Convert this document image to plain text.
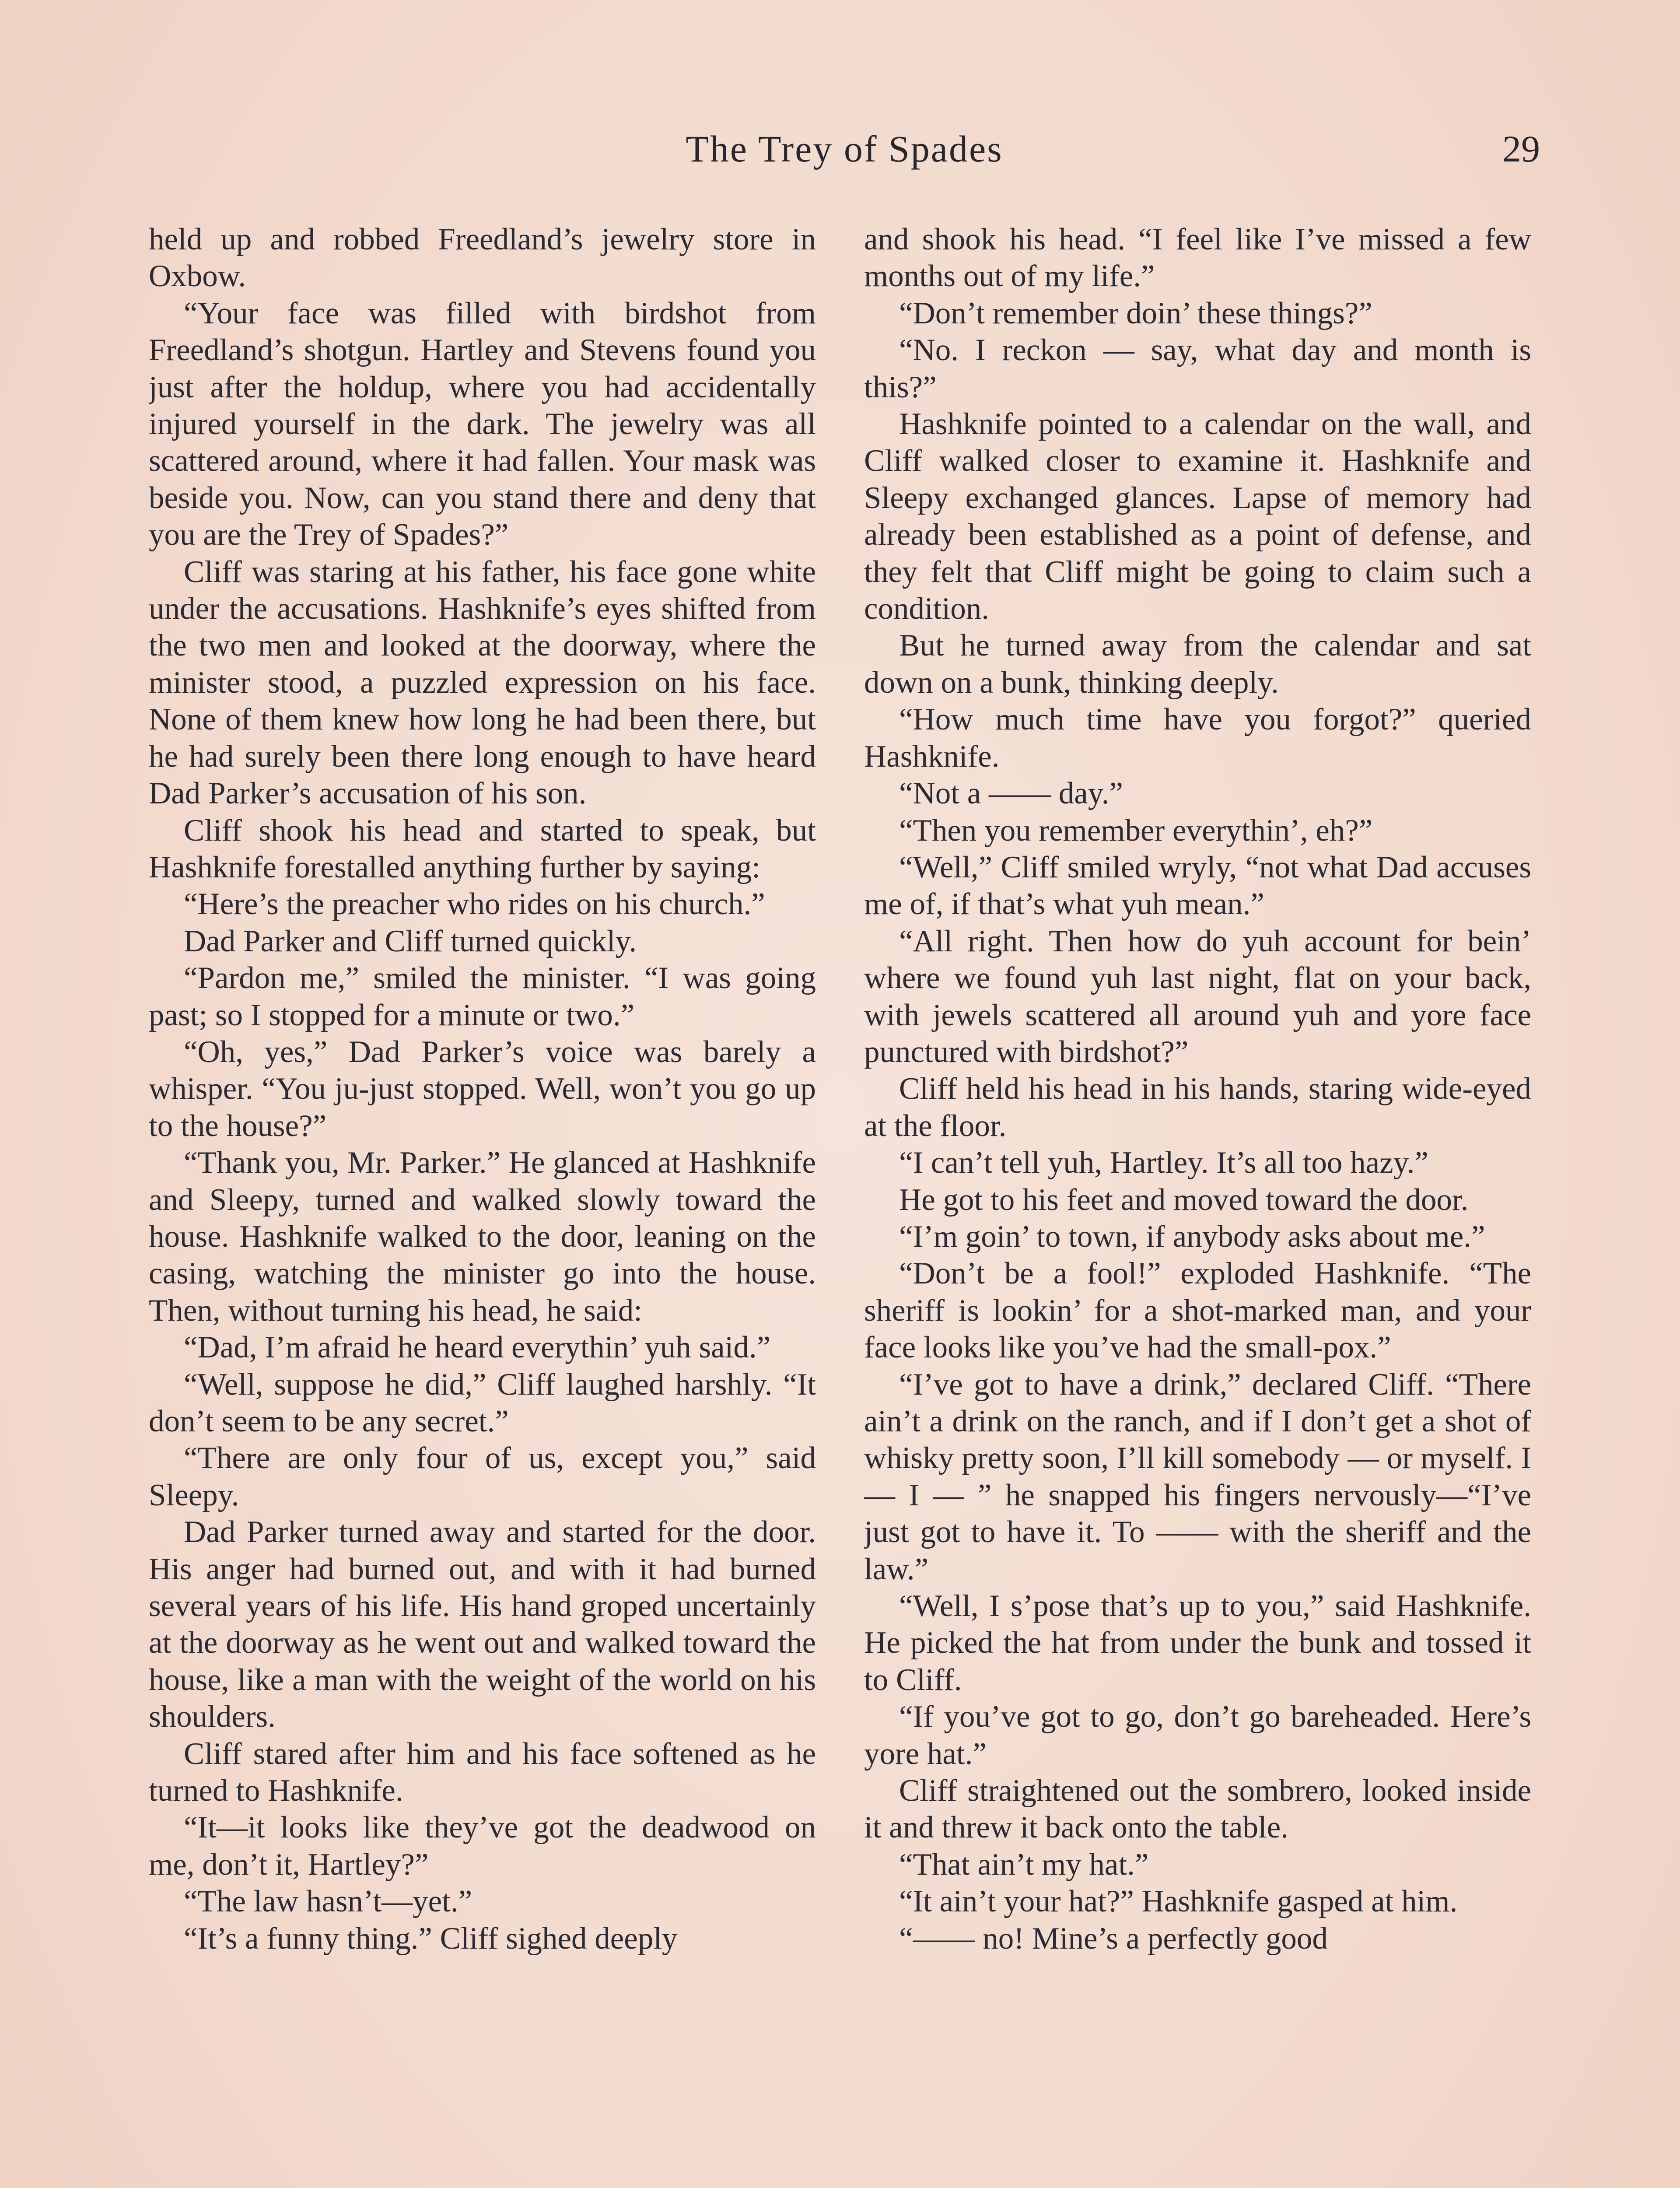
The Trey of Spades	29

held up and robbed Freedland’s jewelry store in Oxbow.

“Your face was filled with birdshot from Freedland’s shotgun. Hartley and Stevens found you just after the holdup, where you had accidentally injured yourself in the dark. The jewelry was all scattered around, where it had fallen. Your mask was beside you. Now, can you stand there and deny that you are the Trey of Spades?”

Cliff was staring at his father, his face gone white under the accusations. Hashknife’s eyes shifted from the two men and looked at the doorway, where the minister stood, a puzzled expression on his face. None of them knew how long he had been there, but he had surely been there long enough to have heard Dad Parker’s accusation of his son.

Cliff shook his head and started to speak, but Hashknife forestalled anything further by saying:

“Here’s the preacher who rides on his church.”

Dad Parker and Cliff turned quickly.

“Pardon me,” smiled the minister. “I was going past; so I stopped for a minute or two.”

“Oh, yes,” Dad Parker’s voice was barely a whisper. “You ju-just stopped. Well, won’t you go up to the house?”

“Thank you, Mr. Parker.” He glanced at Hashknife and Sleepy, turned and walked slowly toward the house. Hashknife walked to the door, leaning on the casing, watching the minister go into the house. Then, without turning his head, he said:

“Dad, I’m afraid he heard everythin’ yuh said.”

“Well, suppose he did,” Cliff laughed harshly. “It don’t seem to be any secret.”

“There are only four of us, except you,” said Sleepy.

Dad Parker turned away and started for the door. His anger had burned out, and with it had burned several years of his life. His hand groped uncertainly at the doorway as he went out and walked toward the house, like a man with the weight of the world on his shoulders.

Cliff stared after him and his face softened as he turned to Hashknife.

“It—it looks like they’ve got the deadwood on me, don’t it, Hartley?”

“The law hasn’t—yet.”

“It’s a funny thing.” Cliff sighed deeply

and shook his head. “I feel like I’ve missed a few months out of my life.”

“Don’t remember doin’ these things?”

“No. I reckon — say, what day and month is this?”

Hashknife pointed to a calendar on the wall, and Cliff walked closer to examine it. Hashknife and Sleepy exchanged glances. Lapse of memory had already been established as a point of defense, and they felt that Cliff might be going to claim such a condition.

But he turned away from the calendar and sat down on a bunk, thinking deeply.

“How much time have you forgot?” queried Hashknife.

“Not a —— day.”

“Then you remember everythin’, eh?”

“Well,” Cliff smiled wryly, “not what Dad accuses me of, if that’s what yuh mean.”

“All right. Then how do yuh account for bein’ where we found yuh last night, flat on your back, with jewels scattered all around yuh and yore face punctured with birdshot?”

Cliff held his head in his hands, staring wide-eyed at the floor.

“I can’t tell yuh, Hartley. It’s all too hazy.”

He got to his feet and moved toward the door.

“I’m goin’ to town, if anybody asks about me.”

“Don’t be a fool!” exploded Hashknife. “The sheriff is lookin’ for a shot-marked man, and your face looks like you’ve had the small-pox.”

“I’ve got to have a drink,” declared Cliff. “There ain’t a drink on the ranch, and if I don’t get a shot of whisky pretty soon, I’ll kill somebody — or myself. I — I — ” he snapped his fingers nervously—“I’ve just got to have it. To —— with the sheriff and the law.”

“Well, I s’pose that’s up to you,” said Hashknife. He picked the hat from under the bunk and tossed it to Cliff.

“If you’ve got to go, don’t go bareheaded. Here’s yore hat.”

Cliff straightened out the sombrero, looked inside it and threw it back onto the table.

“That ain’t my hat.”

“It ain’t your hat?” Hashknife gasped at him.

“—— no! Mine’s a perfectly good
